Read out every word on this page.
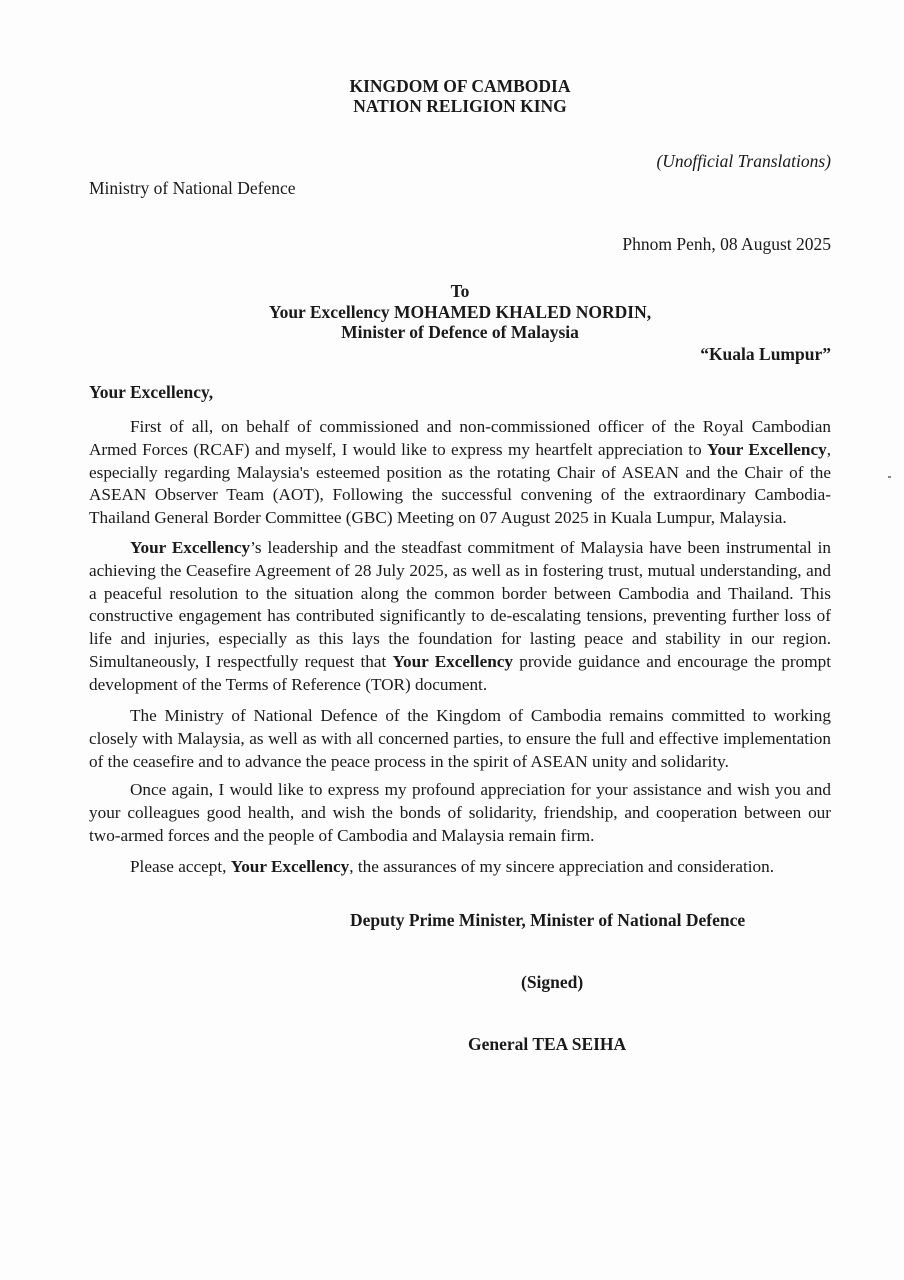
KINGDOM OF CAMBODIA
NATION RELIGION KING
(Unofficial Translations)
Ministry of National Defence
Phnom Penh, 08 August 2025
To
Your Excellency MOHAMED KHALED NORDIN,
Minister of Defence of Malaysia
“Kuala Lumpur”
Your Excellency,

First of all, on behalf of commissioned and non-commissioned officer of the Royal Cambodian Armed Forces (RCAF) and myself, I would like to express my heartfelt appreciation to Your Excellency, especially regarding Malaysia's esteemed position as the rotating Chair of ASEAN and the Chair of the ASEAN Observer Team (AOT), Following the successful convening of the extraordinary Cambodia-Thailand General Border Committee (GBC) Meeting on 07 August 2025 in Kuala Lumpur, Malaysia.

Your Excellency’s leadership and the steadfast commitment of Malaysia have been instrumental in achieving the Ceasefire Agreement of 28 July 2025, as well as in fostering trust, mutual understanding, and a peaceful resolution to the situation along the common border between Cambodia and Thailand. This constructive engagement has contributed significantly to de-escalating tensions, preventing further loss of life and injuries, especially as this lays the foundation for lasting peace and stability in our region. Simultaneously, I respectfully request that Your Excellency provide guidance and encourage the prompt development of the Terms of Reference (TOR) document.

The Ministry of National Defence of the Kingdom of Cambodia remains committed to working closely with Malaysia, as well as with all concerned parties, to ensure the full and effective implementation of the ceasefire and to advance the peace process in the spirit of ASEAN unity and solidarity.

Once again, I would like to express my profound appreciation for your assistance and wish you and your colleagues good health, and wish the bonds of solidarity, friendship, and cooperation between our two-armed forces and the people of Cambodia and Malaysia remain firm.

Please accept, Your Excellency, the assurances of my sincere appreciation and consideration.

Deputy Prime Minister, Minister of National Defence
(Signed)
General TEA SEIHA
